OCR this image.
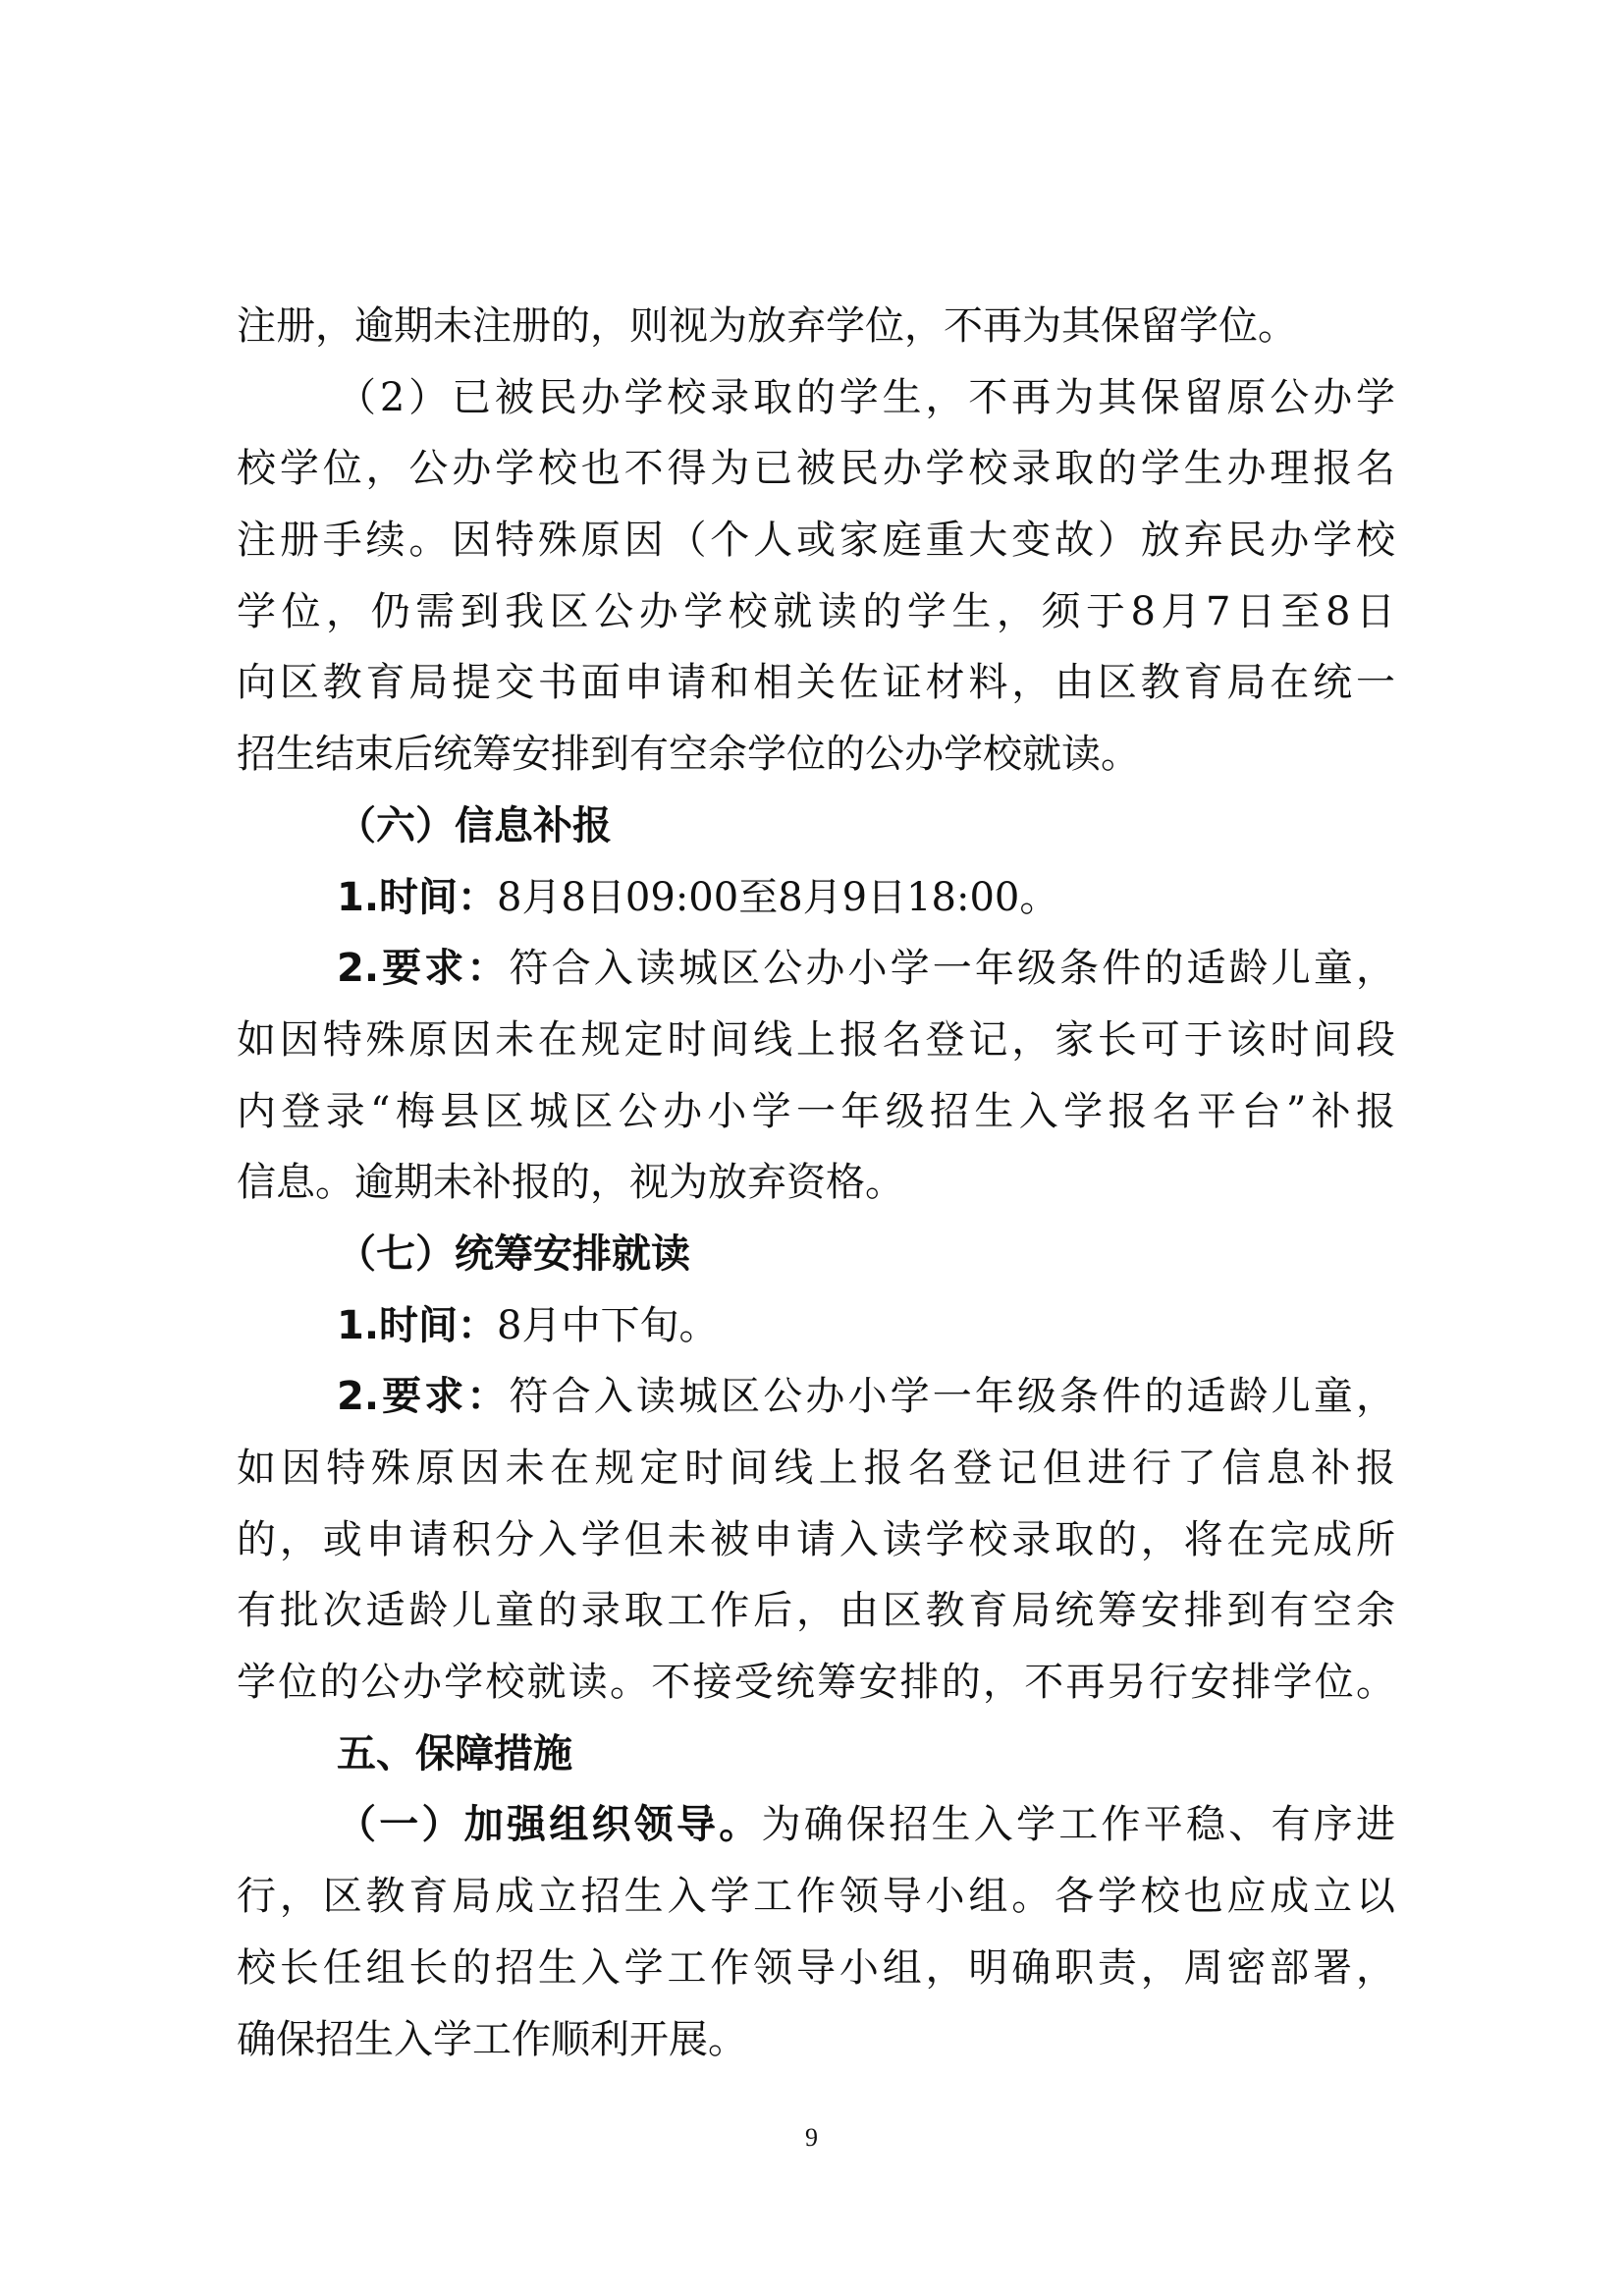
注册，逾期未注册的，则视为放弃学位，不再为其保留学位。
（2）已被民办学校录取的学生，不再为其保留原公办学
校学位，公办学校也不得为已被民办学校录取的学生办理报名
注册手续。因特殊原因（个人或家庭重大变故）放弃民办学校
学位，仍需到我区公办学校就读的学生，须于8月7日至8日
向区教育局提交书面申请和相关佐证材料，由区教育局在统一
招生结束后统筹安排到有空余学位的公办学校就读。
（六）信息补报
1.时间：8月8日09:00至8月9日18:00。
2.要求：符合入读城区公办小学一年级条件的适龄儿童，
如因特殊原因未在规定时间线上报名登记，家长可于该时间段
内登录“梅县区城区公办小学一年级招生入学报名平台”补报
信息。逾期未补报的，视为放弃资格。
（七）统筹安排就读
1.时间：8月中下旬。
2.要求：符合入读城区公办小学一年级条件的适龄儿童，
如因特殊原因未在规定时间线上报名登记但进行了信息补报
的，或申请积分入学但未被申请入读学校录取的，将在完成所
有批次适龄儿童的录取工作后，由区教育局统筹安排到有空余
学位的公办学校就读。不接受统筹安排的，不再另行安排学位。
五、保障措施
（一）加强组织领导。为确保招生入学工作平稳、有序进
行，区教育局成立招生入学工作领导小组。各学校也应成立以
校长任组长的招生入学工作领导小组，明确职责，周密部署，
确保招生入学工作顺利开展。
9
